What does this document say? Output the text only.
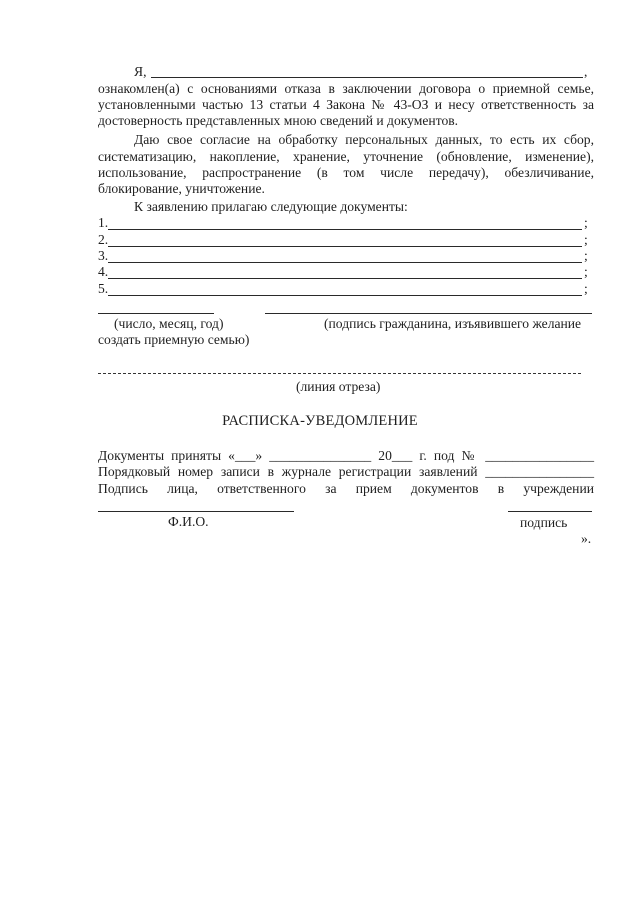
Я,	,
ознакомлен(а) с основаниями отказа в заключении договора о приемной семье,
установленными частью 13 статьи 4 Закона № 43-ОЗ и несу ответственность за
достоверность представленных мною сведений и документов.
Даю свое согласие на обработку персональных данных, то есть их сбор,
систематизацию, накопление, хранение, уточнение (обновление, изменение),
использование, распространение (в том числе передачу), обезличивание,
блокирование, уничтожение.
К заявлению прилагаю следующие документы:
1.	;
2.	;
3.	;
4.	;
5.	;
(число, месяц, год)	(подпись гражданина, изъявившего желание
создать приемную семью)
(линия отреза)
РАСПИСКА-УВЕДОМЛЕНИЕ
Документы приняты «___» _______________ 20___ г. под № ________________
Порядковый номер записи в журнале регистрации заявлений ________________
Подпись лица, ответственного за прием документов в учреждении
Ф.И.О.	подпись
».
